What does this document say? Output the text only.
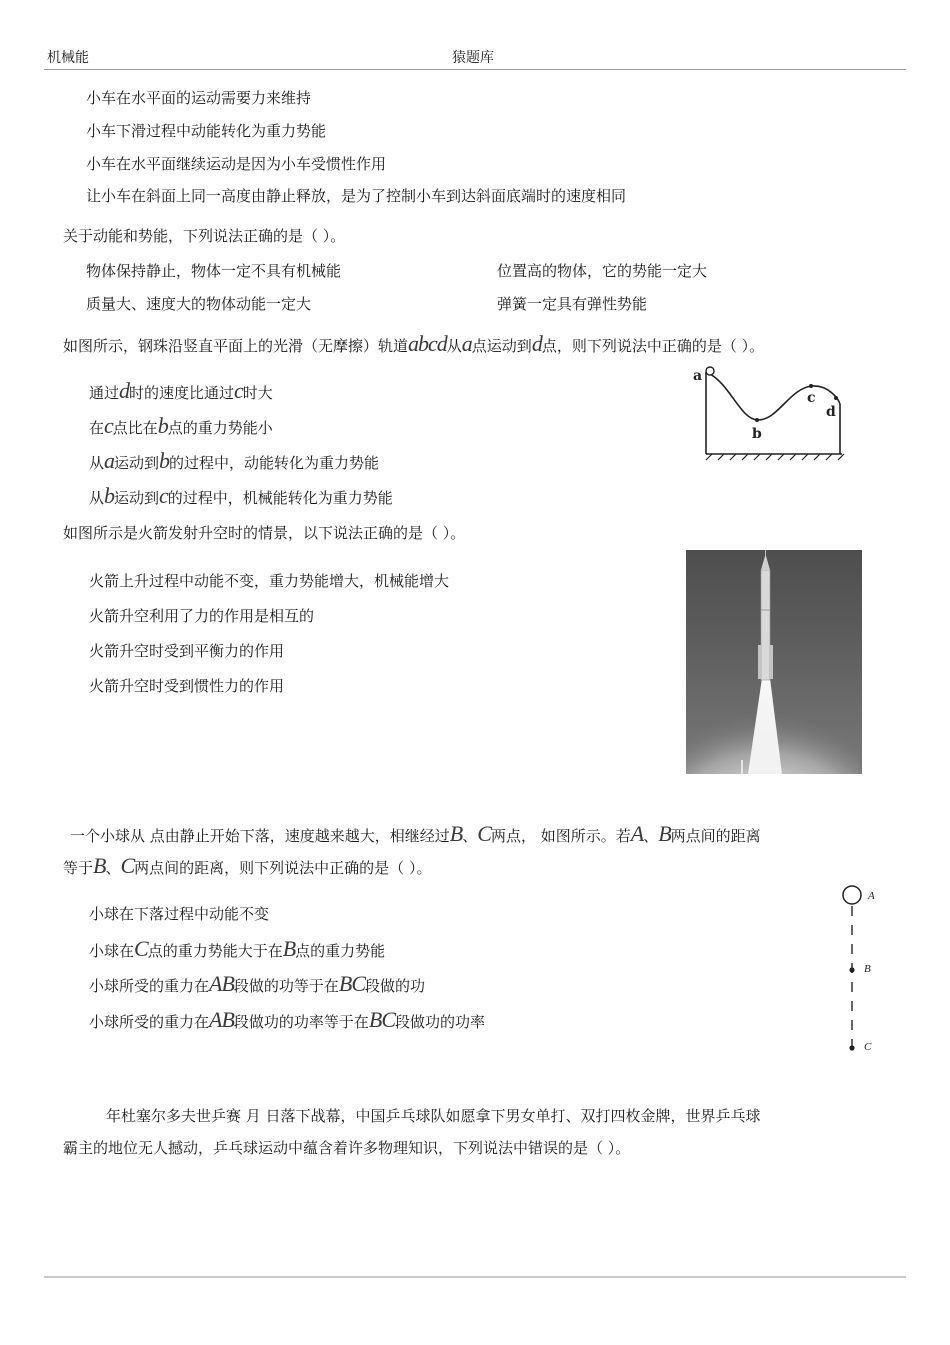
机械能	猿题库
小车在水平面的运动需要力来维持
小车下滑过程中动能转化为重力势能
小车在水平面继续运动是因为小车受惯性作用
让小车在斜面上同一高度由静止释放，是为了控制小车到达斜面底端时的速度相同
关于动能和势能，下列说法正确的是（ ）。
物体保持静止，物体一定不具有机械能	位置高的物体，它的势能一定大
质量大、速度大的物体动能一定大	弹簧一定具有弹性势能
如图所示，钢珠沿竖直平面上的光滑（无摩擦）轨道abcd从a点运动到d点，则下列说法中正确的是（ ）。
通过d时的速度比通过c时大
在c点比在b点的重力势能小
从a运动到b的过程中，动能转化为重力势能
从b运动到c的过程中，机械能转化为重力势能
a
b
c
d
如图所示是火箭发射升空时的情景，以下说法正确的是（ ）。
火箭上升过程中动能不变，重力势能增大，机械能增大
火箭升空利用了力的作用是相互的
火箭升空时受到平衡力的作用
火箭升空时受到惯性力的作用
一个小球从 点由静止开始下落，速度越来越大，相继经过B、C两点， 如图所示。若A、B两点间的距离
等于B、C两点间的距离，则下列说法中正确的是（ ）。
小球在下落过程中动能不变
小球在C点的重力势能大于在B点的重力势能
小球所受的重力在AB段做的功等于在BC段做的功
小球所受的重力在AB段做功的功率等于在BC段做功的功率
A
B
C
年杜塞尔多夫世乒赛 月 日落下战幕，中国乒乓球队如愿拿下男女单打、双打四枚金牌，世界乒乓球
霸主的地位无人撼动，乒乓球运动中蕴含着许多物理知识，下列说法中错误的是（ ）。
